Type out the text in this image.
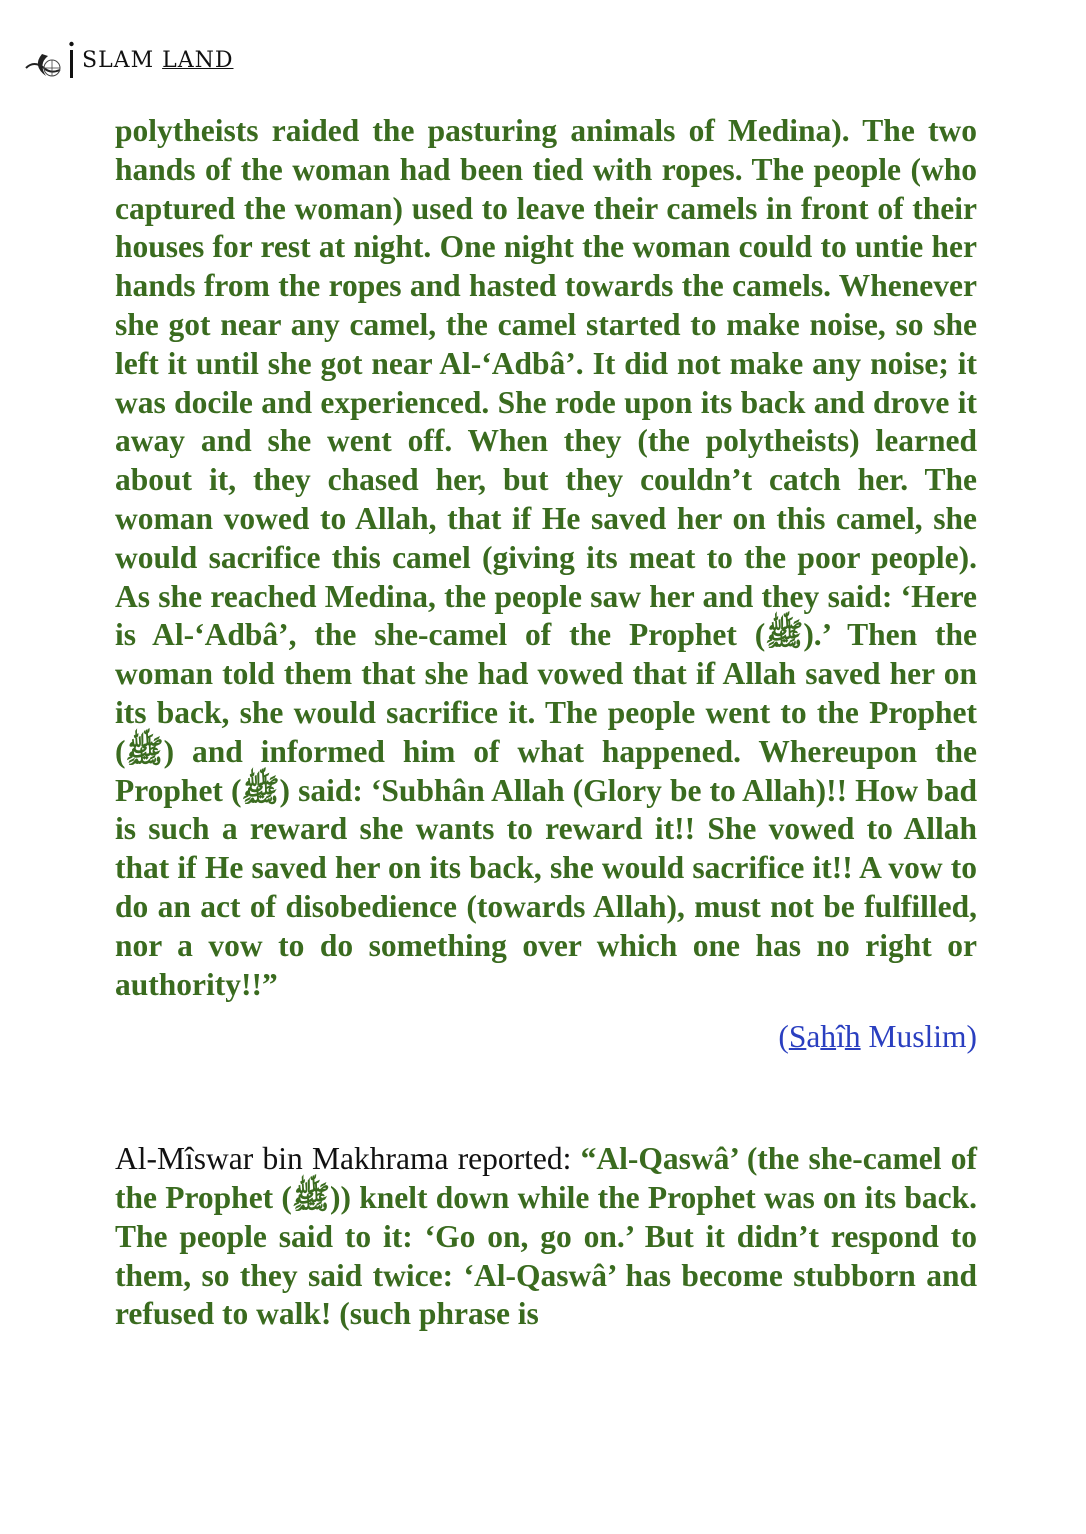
SLAM LAND

polytheists raided the pasturing animals of Medina). The two hands of the woman had been tied with ropes. The people (who captured the woman) used to leave their camels in front of their houses for rest at night. One night the woman could to untie her hands from the ropes and hasted towards the camels. Whenever she got near any camel, the camel started to make noise, so she left it until she got near Al-‘Adbâ’. It did not make any noise; it was docile and experienced. She rode upon its back and drove it away and she went off. When they (the polytheists) learned about it, they chased her, but they couldn’t catch her. The woman vowed to Allah, that if He saved her on this camel, she would sacrifice this camel (giving its meat to the poor people). As she reached Medina, the people saw her and they said: ‘Here is Al-‘Adbâ’, the she-camel of the Prophet (ﷺ).’ Then the woman told them that she had vowed that if Allah saved her on its back, she would sacrifice it. The people went to the Prophet (ﷺ) and informed him of what happened. Whereupon the Prophet (ﷺ) said: ‘Subhân Allah (Glory be to Allah)!! How bad is such a reward she wants to reward it!! She vowed to Allah that if He saved her on its back, she would sacrifice it!! A vow to do an act of disobedience (towards Allah), must not be fulfilled, nor a vow to do something over which one has no right or authority!!”

(Sahîh Muslim)

Al-Mîswar bin Makhrama reported: “Al-Qaswâ’ (the she-camel of the Prophet (ﷺ)) knelt down while the Prophet was on its back. The people said to it: ‘Go on, go on.’ But it didn’t respond to them, so they said twice: ‘Al-Qaswâ’ has become stubborn and refused to walk! (such phrase is
